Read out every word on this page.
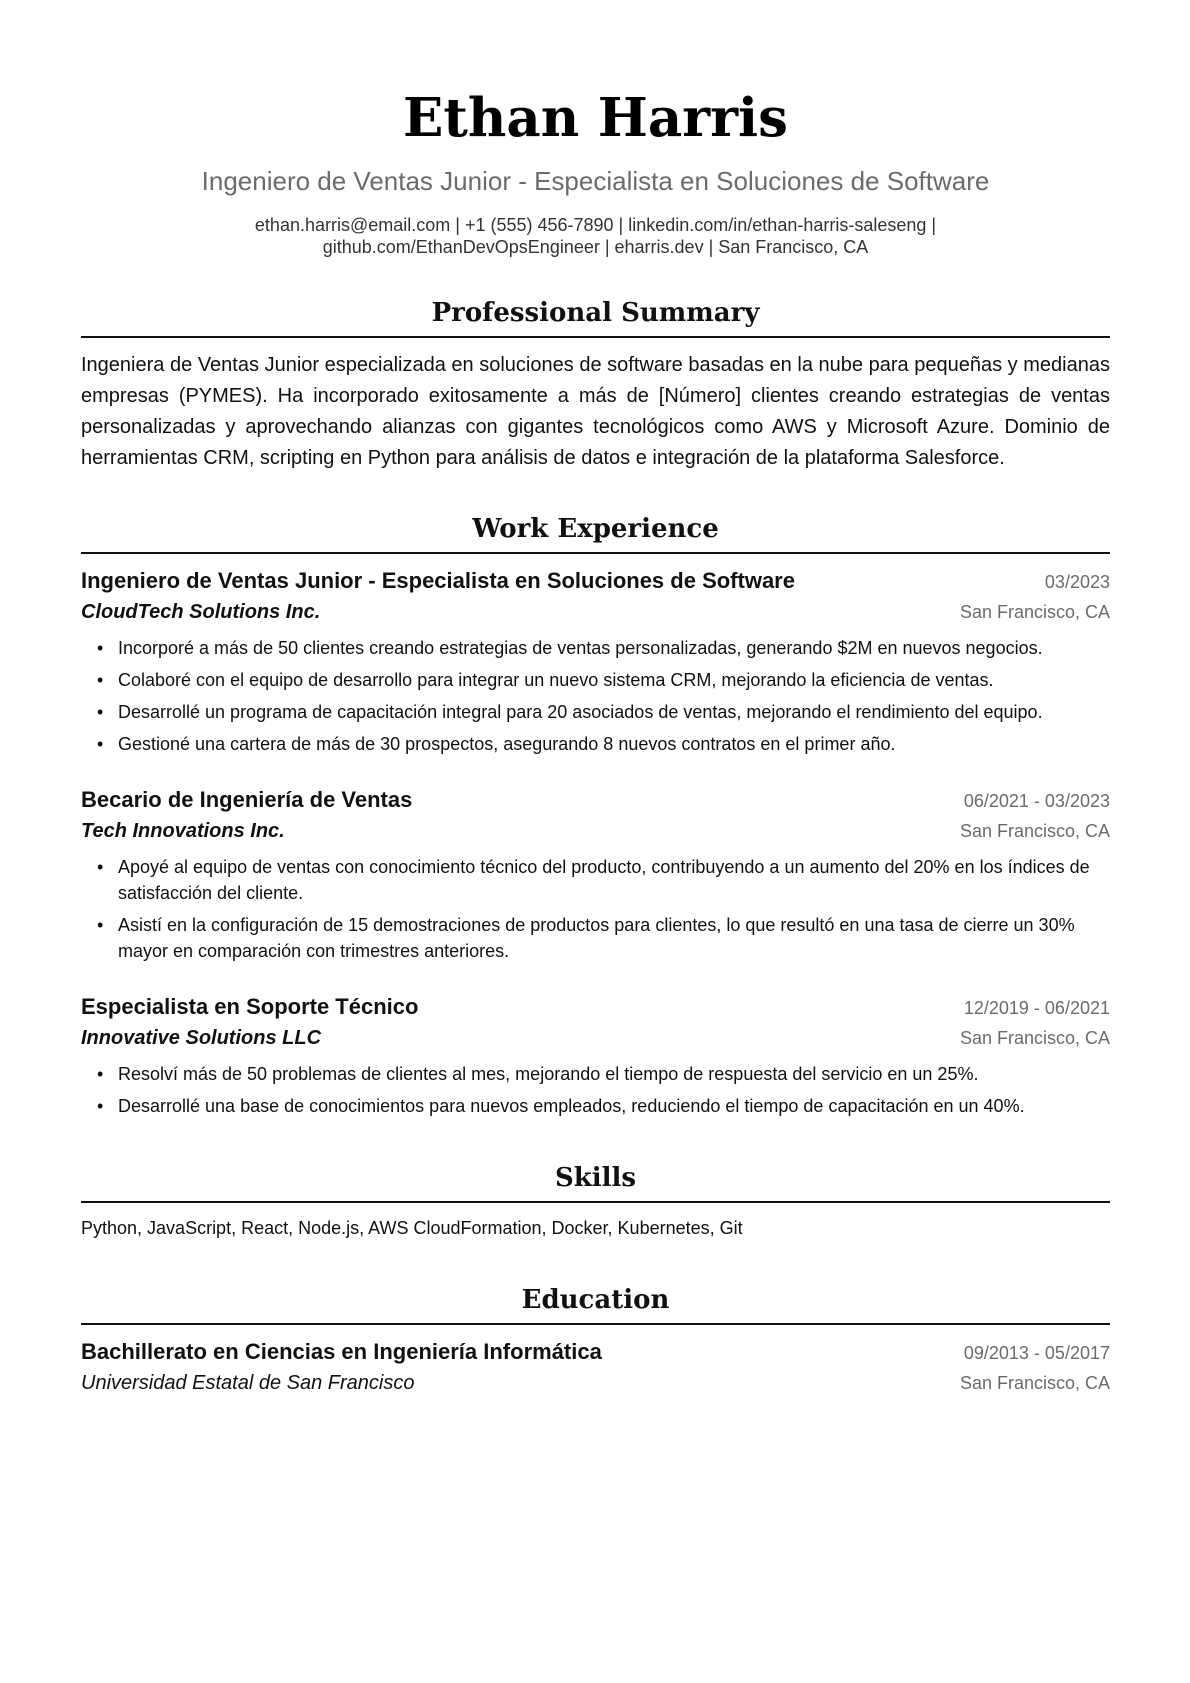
Ethan Harris
Ingeniero de Ventas Junior - Especialista en Soluciones de Software
ethan.harris@email.com | +1 (555) 456-7890 | linkedin.com/in/ethan-harris-saleseng |
github.com/EthanDevOpsEngineer | eharris.dev | San Francisco, CA
Professional Summary
Ingeniera de Ventas Junior especializada en soluciones de software basadas en la nube para pequeñas y medianas empresas (PYMES). Ha incorporado exitosamente a más de [Número] clientes creando estrategias de ventas personalizadas y aprovechando alianzas con gigantes tecnológicos como AWS y Microsoft Azure. Dominio de herramientas CRM, scripting en Python para análisis de datos e integración de la plataforma Salesforce.
Work Experience
Ingeniero de Ventas Junior - Especialista en Soluciones de Software	03/2023
CloudTech Solutions Inc.	San Francisco, CA
• Incorporé a más de 50 clientes creando estrategias de ventas personalizadas, generando $2M en nuevos negocios.
• Colaboré con el equipo de desarrollo para integrar un nuevo sistema CRM, mejorando la eficiencia de ventas.
• Desarrollé un programa de capacitación integral para 20 asociados de ventas, mejorando el rendimiento del equipo.
• Gestioné una cartera de más de 30 prospectos, asegurando 8 nuevos contratos en el primer año.
Becario de Ingeniería de Ventas	06/2021 - 03/2023
Tech Innovations Inc.	San Francisco, CA
• Apoyé al equipo de ventas con conocimiento técnico del producto, contribuyendo a un aumento del 20% en los índices de satisfacción del cliente.
• Asistí en la configuración de 15 demostraciones de productos para clientes, lo que resultó en una tasa de cierre un 30% mayor en comparación con trimestres anteriores.
Especialista en Soporte Técnico	12/2019 - 06/2021
Innovative Solutions LLC	San Francisco, CA
• Resolví más de 50 problemas de clientes al mes, mejorando el tiempo de respuesta del servicio en un 25%.
• Desarrollé una base de conocimientos para nuevos empleados, reduciendo el tiempo de capacitación en un 40%.
Skills
Python, JavaScript, React, Node.js, AWS CloudFormation, Docker, Kubernetes, Git
Education
Bachillerato en Ciencias en Ingeniería Informática	09/2013 - 05/2017
Universidad Estatal de San Francisco	San Francisco, CA
